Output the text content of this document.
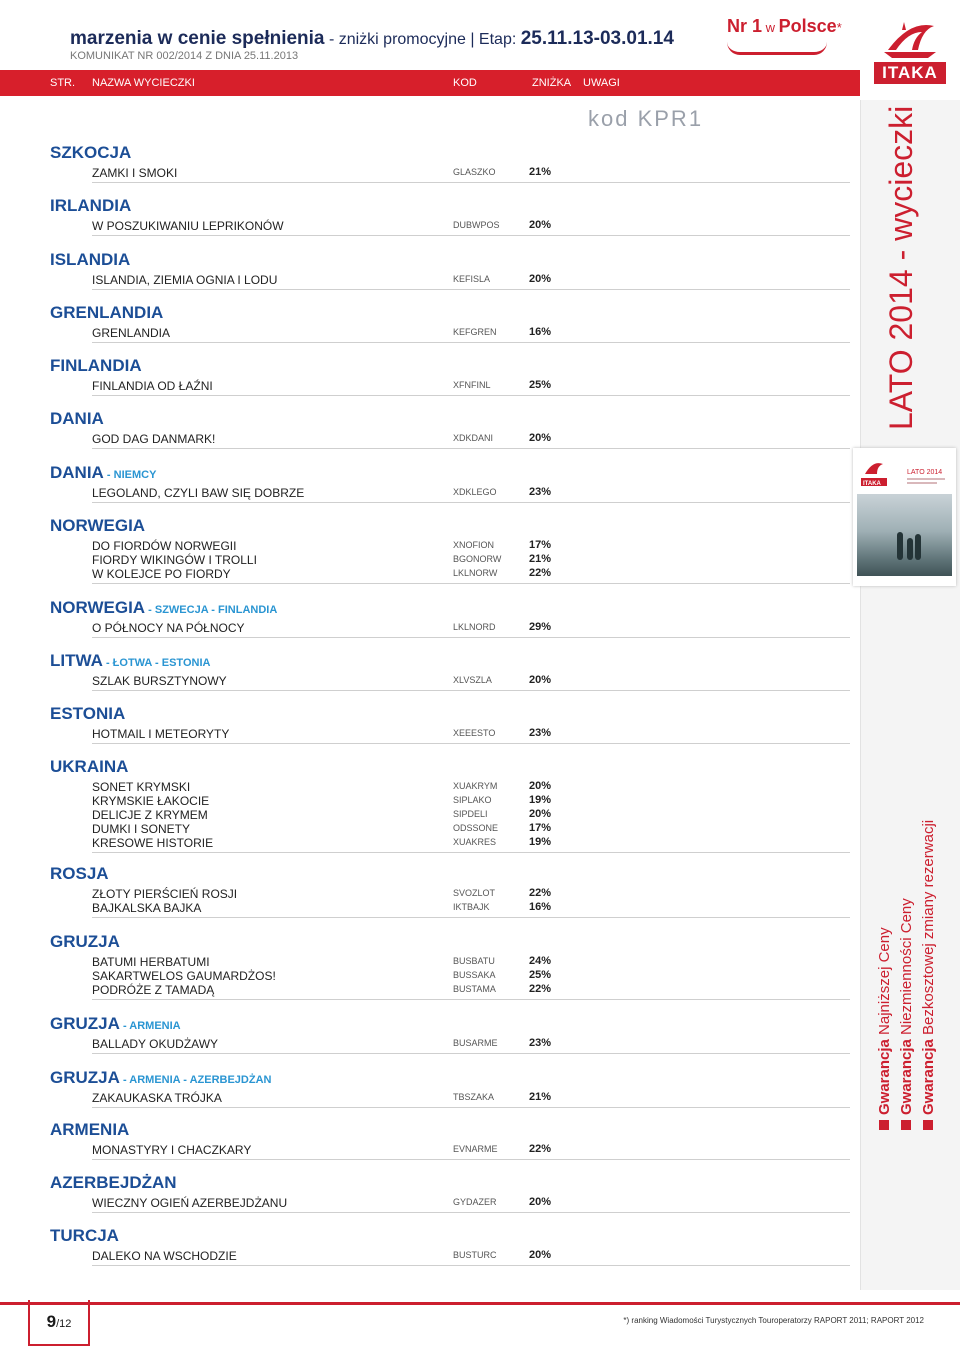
marzenia w cenie spełnienia - zniżki promocyjne | Etap: 25.11.13-03.01.14
KOMUNIKAT NR 002/2014 Z DNIA 25.11.2013
Nr 1 w Polsce*
ITAKA
STR. NAZWA WYCIECZKI	KOD	ZNIŻKA UWAGI
kod KPR1	LATO 2014 - wycieczki
ITAKA
LATO 2014
Gwarancja Najniższej Ceny
Gwarancja Niezmienności Ceny
Gwarancja Bezkosztowej zmiany rezerwacji
SZKOCJA
ZAMKI I SMOKI	GLASZKO	21%
IRLANDIA
W POSZUKIWANIU LEPRIKONÓW	DUBWPOS	20%
ISLANDIA
ISLANDIA, ZIEMIA OGNIA I LODU	KEFISLA	20%
GRENLANDIA
GRENLANDIA	KEFGREN	16%
FINLANDIA
FINLANDIA OD ŁAŹNI	XFNFINL	25%
DANIA
GOD DAG DANMARK!	XDKDANI	20%
DANIA - NIEMCY
LEGOLAND, CZYLI BAW SIĘ DOBRZE	XDKLEGO	23%
NORWEGIA
DO FIORDÓW NORWEGII	XNOFION	17%
FIORDY WIKINGÓW I TROLLI	BGONORW	21%
W KOLEJCE PO FIORDY	LKLNORW	22%
NORWEGIA - SZWECJA - FINLANDIA
O PÓŁNOCY NA PÓŁNOCY	LKLNORD	29%
LITWA - ŁOTWA - ESTONIA
SZLAK BURSZTYNOWY	XLVSZLA	20%
ESTONIA
HOTMAIL I METEORYTY	XEEESTO	23%
UKRAINA
SONET KRYMSKI	XUAKRYM	20%
KRYMSKIE ŁAKOCIE	SIPLAKO	19%
DELICJE Z KRYMEM	SIPDELI	20%
DUMKI I SONETY	ODSSONE	17%
KRESOWE HISTORIE	XUAKRES	19%
ROSJA
ZŁOTY PIERŚCIEŃ ROSJI	SVOZLOT	22%
BAJKALSKA BAJKA	IKTBAJK	16%
GRUZJA
BATUMI HERBATUMI	BUSBATU	24%
SAKARTWELOS GAUMARDŻOS!	BUSSAKA	25%
PODRÓŻE Z TAMADĄ	BUSTAMA	22%
GRUZJA - ARMENIA
BALLADY OKUDŻAWY	BUSARME	23%
GRUZJA - ARMENIA - AZERBEJDŻAN
ZAKAUKASKA TRÓJKA	TBSZAKA	21%
ARMENIA
MONASTYRY I CHACZKARY	EVNARME	22%
AZERBEJDŻAN
WIECZNY OGIEŃ AZERBEJDŻANU	GYDAZER	20%
TURCJA
DALEKO NA WSCHODZIE	BUSTURC	20%
9/12	*) ranking Wiadomości Turystycznych Touroperatorzy RAPORT 2011; RAPORT 2012
